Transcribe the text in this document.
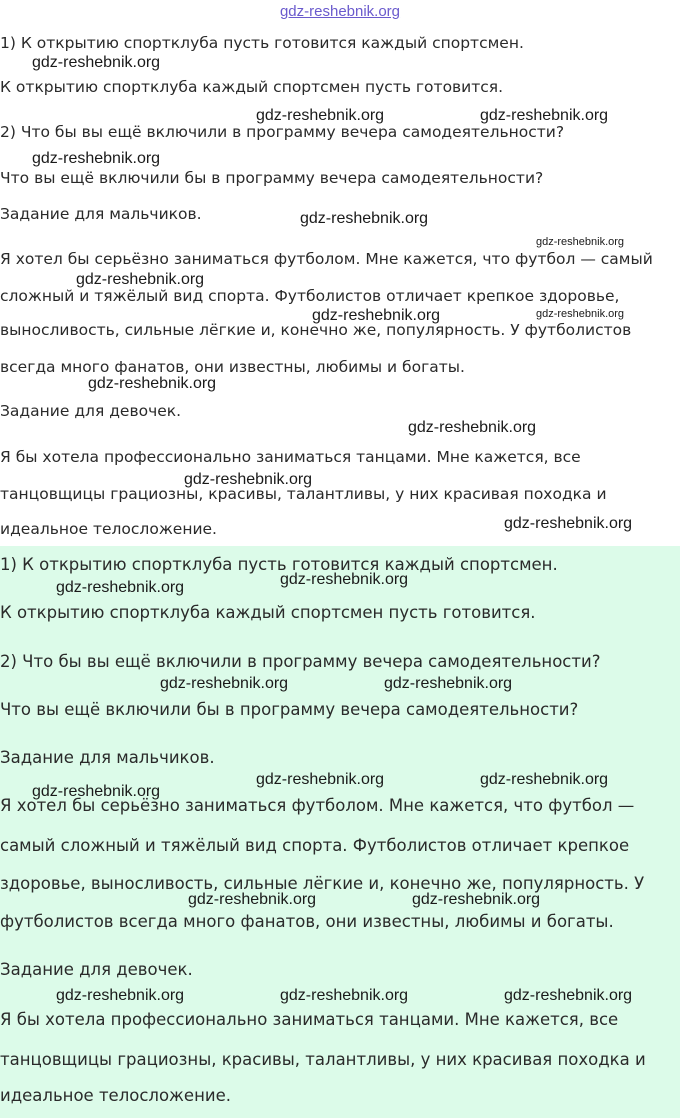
gdz-reshebnik.org
1) К открытию спортклуба пусть готовится каждый спортсмен.
К открытию спортклуба каждый спортсмен пусть готовится.
2) Что бы вы ещё включили в программу вечера самодеятельности?
Что вы ещё включили бы в программу вечера самодеятельности?
Задание для мальчиков.
Я хотел бы серьёзно заниматься футболом. Мне кажется, что футбол — самый
сложный и тяжёлый вид спорта. Футболистов отличает крепкое здоровье,
выносливость, сильные лёгкие и, конечно же, популярность. У футболистов
всегда много фанатов, они известны, любимы и богаты.
Задание для девочек.
Я бы хотела профессионально заниматься танцами. Мне кажется, все
танцовщицы грациозны, красивы, талантливы, у них красивая походка и
идеальное телосложение.
1) К открытию спортклуба пусть готовится каждый спортсмен.
К открытию спортклуба каждый спортсмен пусть готовится.
2) Что бы вы ещё включили в программу вечера самодеятельности?
Что вы ещё включили бы в программу вечера самодеятельности?
Задание для мальчиков.
Я хотел бы серьёзно заниматься футболом. Мне кажется, что футбол —
самый сложный и тяжёлый вид спорта. Футболистов отличает крепкое
здоровье, выносливость, сильные лёгкие и, конечно же, популярность. У
футболистов всегда много фанатов, они известны, любимы и богаты.
Задание для девочек.
Я бы хотела профессионально заниматься танцами. Мне кажется, все
танцовщицы грациозны, красивы, талантливы, у них красивая походка и
идеальное телосложение.
gdz-reshebnik.org
gdz-reshebnik.org	gdz-reshebnik.org
gdz-reshebnik.org
gdz-reshebnik.org
gdz-reshebnik.org
gdz-reshebnik.org
gdz-reshebnik.org	gdz-reshebnik.org
gdz-reshebnik.org
gdz-reshebnik.org
gdz-reshebnik.org
gdz-reshebnik.org
gdz-reshebnik.org
gdz-reshebnik.org
gdz-reshebnik.org	gdz-reshebnik.org
gdz-reshebnik.org	gdz-reshebnik.org
gdz-reshebnik.org
gdz-reshebnik.org	gdz-reshebnik.org
gdz-reshebnik.org	gdz-reshebnik.org	gdz-reshebnik.org
